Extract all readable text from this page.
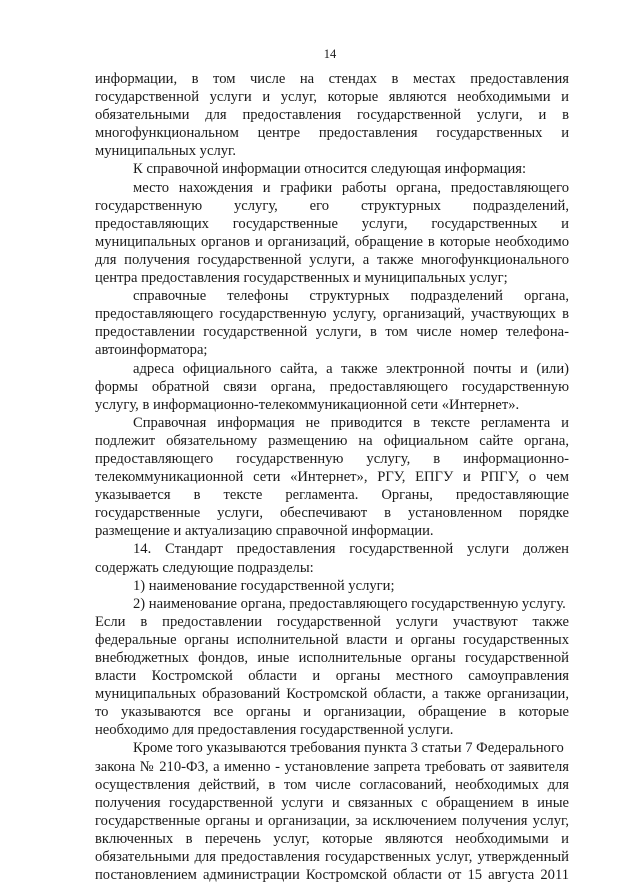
14
информации, в том числе на стендах в местах предоставления
государственной услуги и услуг, которые являются необходимыми и
обязательными для предоставления государственной услуги, и в
многофункциональном центре предоставления государственных и
муниципальных услуг.
К справочной информации относится следующая информация:
место нахождения и графики работы органа, предоставляющего
государственную услугу, его структурных подразделений,
предоставляющих государственные услуги, государственных и
муниципальных органов и организаций, обращение в которые необходимо
для получения государственной услуги, а также многофункционального
центра предоставления государственных и муниципальных услуг;
справочные телефоны структурных подразделений органа,
предоставляющего государственную услугу, организаций, участвующих в
предоставлении государственной услуги, в том числе номер телефона-
автоинформатора;
адреса официального сайта, а также электронной почты и (или)
формы обратной связи органа, предоставляющего государственную
услугу, в информационно-телекоммуникационной сети «Интернет».
Справочная информация не приводится в тексте регламента и
подлежит обязательному размещению на официальном сайте органа,
предоставляющего государственную услугу, в информационно-
телекоммуникационной сети «Интернет», РГУ, ЕПГУ и РПГУ, о чем
указывается в тексте регламента. Органы, предоставляющие
государственные услуги, обеспечивают в установленном порядке
размещение и актуализацию справочной информации.
14. Стандарт предоставления государственной услуги должен
содержать следующие подразделы:
1) наименование государственной услуги;
2) наименование органа, предоставляющего государственную услугу.
Если в предоставлении государственной услуги участвуют также
федеральные органы исполнительной власти и органы государственных
внебюджетных фондов, иные исполнительные органы государственной
власти Костромской области и органы местного самоуправления
муниципальных образований Костромской области, а также организации,
то указываются все органы и организации, обращение в которые
необходимо для предоставления государственной услуги.
Кроме того указываются требования пункта 3 статьи 7 Федерального
закона № 210-ФЗ, а именно - установление запрета требовать от заявителя
осуществления действий, в том числе согласований, необходимых для
получения государственной услуги и связанных с обращением в иные
государственные органы и организации, за исключением получения услуг,
включенных в перечень услуг, которые являются необходимыми и
обязательными для предоставления государственных услуг, утвержденный
постановлением администрации Костромской области от 15 августа 2011
